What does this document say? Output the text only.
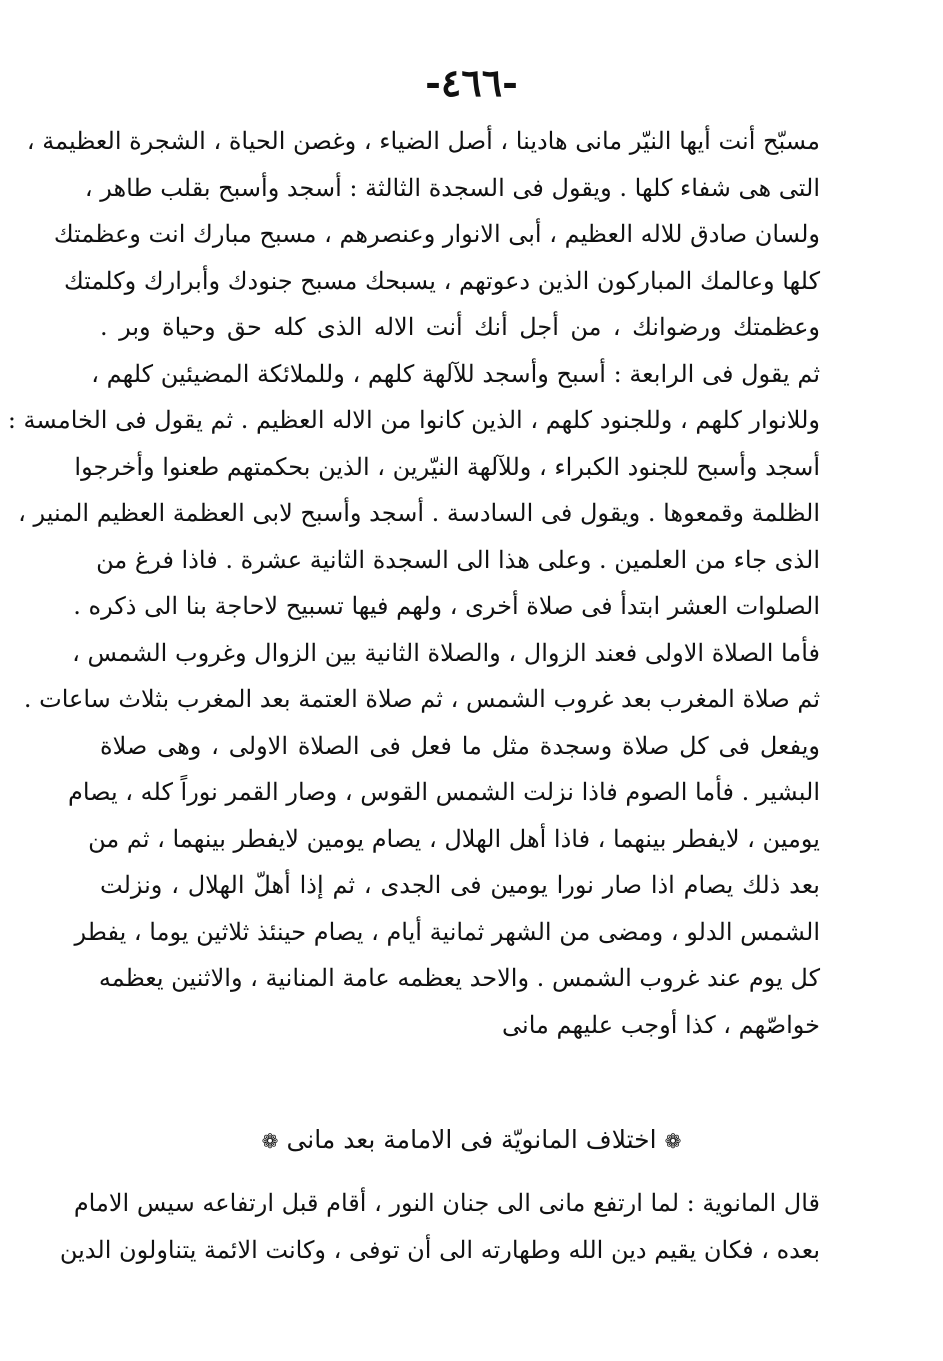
-٤٦٦-
مسبّح أنت أيها النيّر مانى هادينا ، أصل الضياء ، وغصن الحياة ، الشجرة العظيمة ،
التى هى شفاء كلها . ويقول فى السجدة الثالثة : أسجد وأسبح بقلب طاهر ،
ولسان صادق للاله العظيم ، أبى الانوار وعنصرهم ، مسبح مبارك انت وعظمتك
كلها وعالمك المباركون الذين دعوتهم ، يسبحك مسبح جنودك وأبرارك وكلمتك
وعظمتك ورضوانك ، من أجل أنك أنت الاله الذى كله حق وحياة وبر .
ثم يقول فى الرابعة : أسبح وأسجد للآلهة كلهم ، وللملائكة المضيئين كلهم ،
وللانوار كلهم ، وللجنود كلهم ، الذين كانوا من الاله العظيم . ثم يقول فى الخامسة :
أسجد وأسبح للجنود الكبراء ، وللآلهة النيّرين ، الذين بحكمتهم طعنوا وأخرجوا
الظلمة وقمعوها . ويقول فى السادسة . أسجد وأسبح لابى العظمة العظيم المنير ،
الذى جاء من العلمين . وعلى هذا الى السجدة الثانية عشرة . فاذا فرغ من
الصلوات العشر ابتدأ فى صلاة أخرى ، ولهم فيها تسبيح لاحاجة بنا الى ذكره .
فأما الصلاة الاولى فعند الزوال ، والصلاة الثانية بين الزوال وغروب الشمس ،
ثم صلاة المغرب بعد غروب الشمس ، ثم صلاة العتمة بعد المغرب بثلاث ساعات .
ويفعل فى كل صلاة وسجدة مثل ما فعل فى الصلاة الاولى ، وهى صلاة
البشير . فأما الصوم فاذا نزلت الشمس القوس ، وصار القمر نوراً كله ، يصام
يومين ، لايفطر بينهما ، فاذا أهل الهلال ، يصام يومين لايفطر بينهما ، ثم من
بعد ذلك يصام اذا صار نورا يومين فى الجدى ، ثم إذا أهلّ الهلال ، ونزلت
الشمس الدلو ، ومضى من الشهر ثمانية أيام ، يصام حينئذ ثلاثين يوما ، يفطر
كل يوم عند غروب الشمس . والاحد يعظمه عامة المنانية ، والاثنين يعظمه
خواصّهم ، كذا أوجب عليهم مانى
❁اختلاف المانويّة فى الامامة بعد مانى❁
قال المانوية : لما ارتفع مانى الى جنان النور ، أقام قبل ارتفاعه سيس الامام
بعده ، فكان يقيم دين الله وطهارته الى أن توفى ، وكانت الائمة يتناولون الدين
